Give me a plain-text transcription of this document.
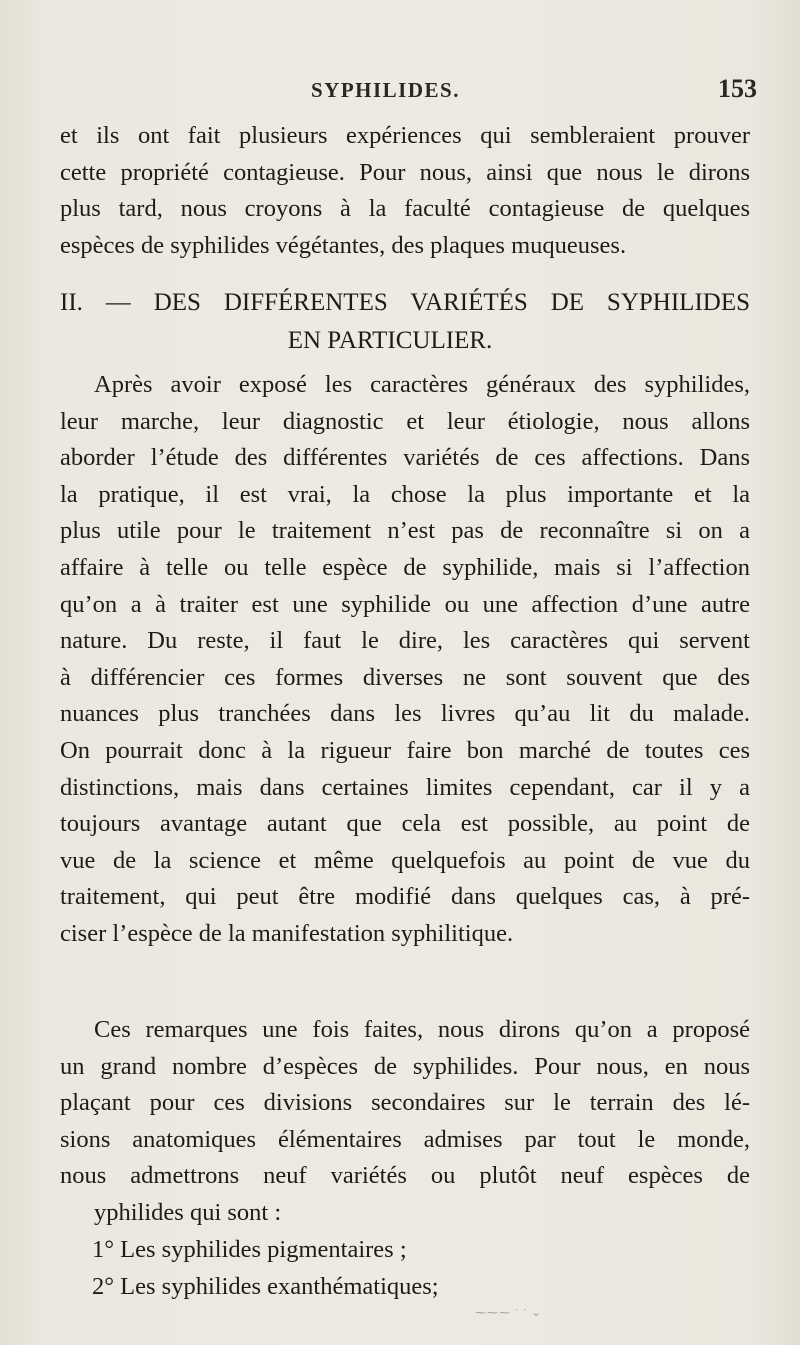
SYPHILIDES.	153
et ils ont fait plusieurs expériences qui sembleraient prouver
cette propriété contagieuse. Pour nous, ainsi que nous le dirons
plus tard, nous croyons à la faculté contagieuse de quelques
espèces de syphilides végétantes, des plaques muqueuses.
II. — DES DIFFÉRENTES VARIÉTÉS DE SYPHILIDES
EN PARTICULIER.
Après avoir exposé les caractères généraux des syphilides,
leur marche, leur diagnostic et leur étiologie, nous allons
aborder l’étude des différentes variétés de ces affections. Dans
la pratique, il est vrai, la chose la plus importante et la
plus utile pour le traitement n’est pas de reconnaître si on a
affaire à telle ou telle espèce de syphilide, mais si l’affection
qu’on a à traiter est une syphilide ou une affection d’une autre
nature. Du reste, il faut le dire, les caractères qui servent
à différencier ces formes diverses ne sont souvent que des
nuances plus tranchées dans les livres qu’au lit du malade.
On pourrait donc à la rigueur faire bon marché de toutes ces
distinctions, mais dans certaines limites cependant, car il y a
toujours avantage autant que cela est possible, au point de
vue de la science et même quelquefois au point de vue du
traitement, qui peut être modifié dans quelques cas, à pré-
ciser l’espèce de la manifestation syphilitique.
Ces remarques une fois faites, nous dirons qu’on a proposé
un grand nombre d’espèces de syphilides. Pour nous, en nous
plaçant pour ces divisions secondaires sur le terrain des lé-
sions anatomiques élémentaires admises par tout le monde,
nous admettrons neuf variétés ou plutôt neuf espèces de
yphilides qui sont :
1° Les syphilides pigmentaires ;
2° Les syphilides exanthématiques;
⁓⁓⁓ ˙ ˙ ⌄
